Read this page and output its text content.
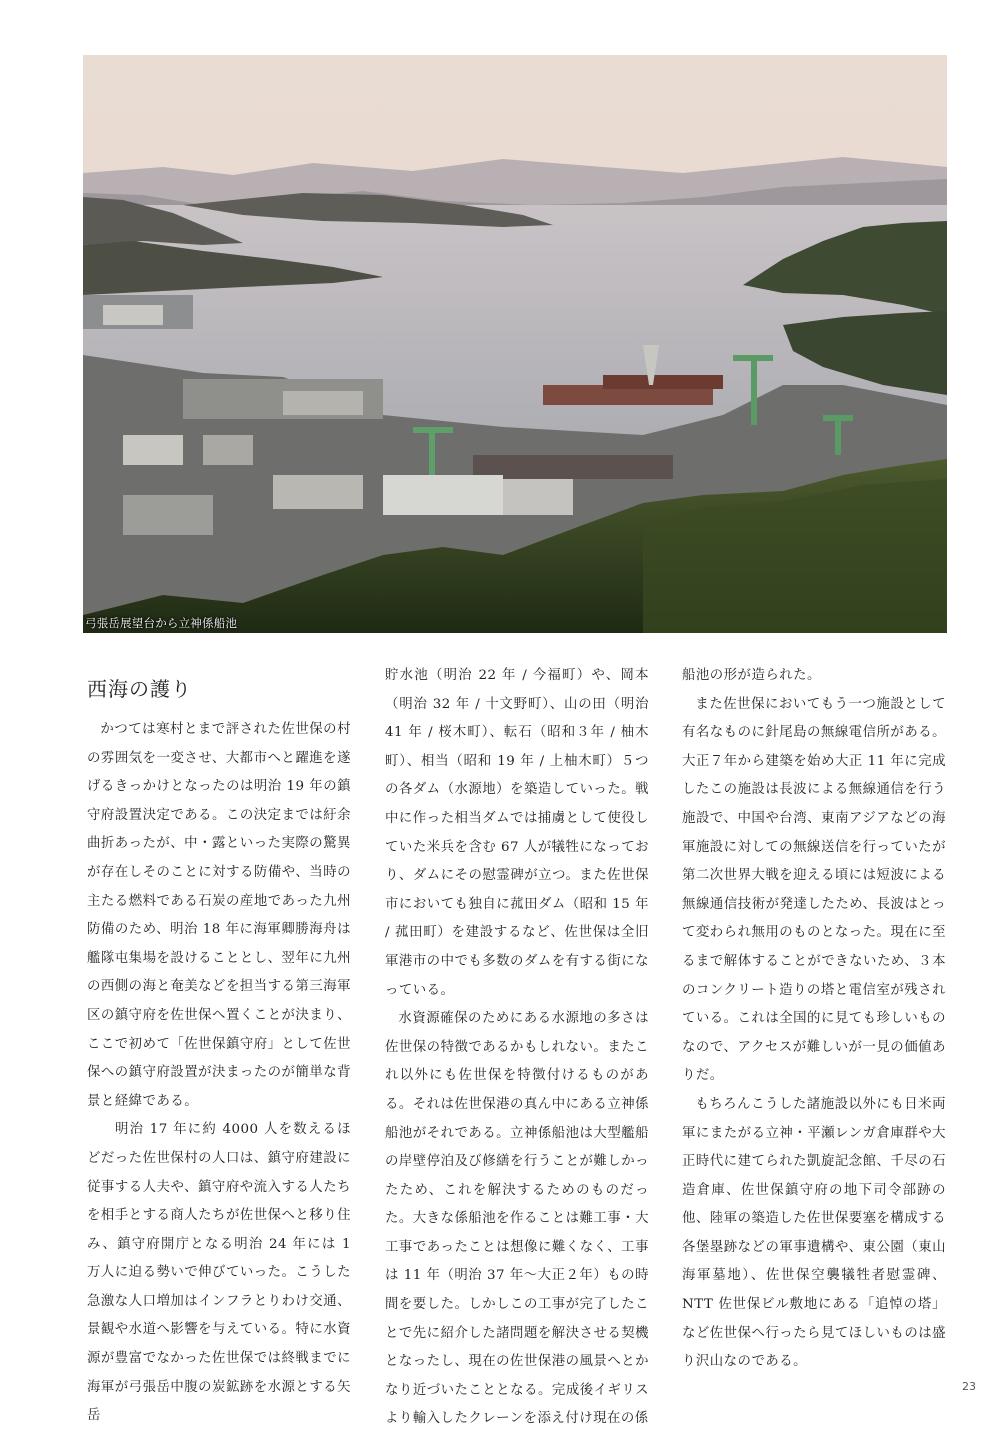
弓張岳展望台から立神係船池
西海の護り

かつては寒村とまで評された佐世保の村の雰囲気を一変させ、大都市へと躍進を遂げるきっかけとなったのは明治 19 年の鎮守府設置決定である。この決定までは紆余曲折あったが、中・露といった実際の驚異が存在しそのことに対する防備や、当時の主たる燃料である石炭の産地であった九州防備のため、明治 18 年に海軍卿勝海舟は艦隊屯集場を設けることとし、翌年に九州の西側の海と奄美などを担当する第三海軍区の鎮守府を佐世保へ置くことが決まり、ここで初めて「佐世保鎮守府」として佐世保への鎮守府設置が決まったのが簡単な背景と経緯である。

　明治 17 年に約 4000 人を数えるほどだった佐世保村の人口は、鎮守府建設に従事する人夫や、鎮守府や流入する人たちを相手とする商人たちが佐世保へと移り住み、鎮守府開庁となる明治 24 年には 1 万人に迫る勢いで伸びていった。こうした急激な人口増加はインフラとりわけ交通、景観や水道へ影響を与えている。特に水資源が豊富でなかった佐世保では終戦までに海軍が弓張岳中腹の炭鉱跡を水源とする矢岳

貯水池（明治 22 年 / 今福町）や、岡本（明治 32 年 / 十文野町）、山の田（明治 41 年 / 桜木町）、転石（昭和３年 / 柚木町）、相当（昭和 19 年 / 上柚木町）５つの各ダム（水源地）を築造していった。戦中に作った相当ダムでは捕虜として使役していた米兵を含む 67 人が犠牲になっており、ダムにその慰霊碑が立つ。また佐世保市においても独自に菰田ダム（昭和 15 年 / 菰田町）を建設するなど、佐世保は全旧軍港市の中でも多数のダムを有する街になっている。

水資源確保のためにある水源地の多さは佐世保の特徴であるかもしれない。またこれ以外にも佐世保を特徴付けるものがある。それは佐世保港の真ん中にある立神係船池がそれである。立神係船池は大型艦船の岸壁停泊及び修繕を行うことが難しかったため、これを解決するためのものだった。大きな係船池を作ることは難工事・大工事であったことは想像に難くなく、工事は 11 年（明治 37 年〜大正２年）もの時間を要した。しかしこの工事が完了したことで先に紹介した諸問題を解決させる契機となったし、現在の佐世保港の風景へとかなり近づいたこととなる。完成後イギリスより輸入したクレーンを添え付け現在の係

船池の形が造られた。

また佐世保においてもう一つ施設として有名なものに針尾島の無線電信所がある。大正７年から建築を始め大正 11 年に完成したこの施設は長波による無線通信を行う施設で、中国や台湾、東南アジアなどの海軍施設に対しての無線送信を行っていたが第二次世界大戦を迎える頃には短波による無線通信技術が発達したため、長波はとって変わられ無用のものとなった。現在に至るまで解体することができないため、３本のコンクリート造りの塔と電信室が残されている。これは全国的に見ても珍しいものなので、アクセスが難しいが一見の価値ありだ。

もちろんこうした諸施設以外にも日米両軍にまたがる立神・平瀬レンガ倉庫群や大正時代に建てられた凱旋記念館、千尽の石造倉庫、佐世保鎮守府の地下司令部跡の他、陸軍の築造した佐世保要塞を構成する各堡塁跡などの軍事遺構や、東公園（東山海軍墓地）、佐世保空襲犠牲者慰霊碑、NTT 佐世保ビル敷地にある「追悼の塔」など佐世保へ行ったら見てほしいものは盛り沢山なのである。

23
